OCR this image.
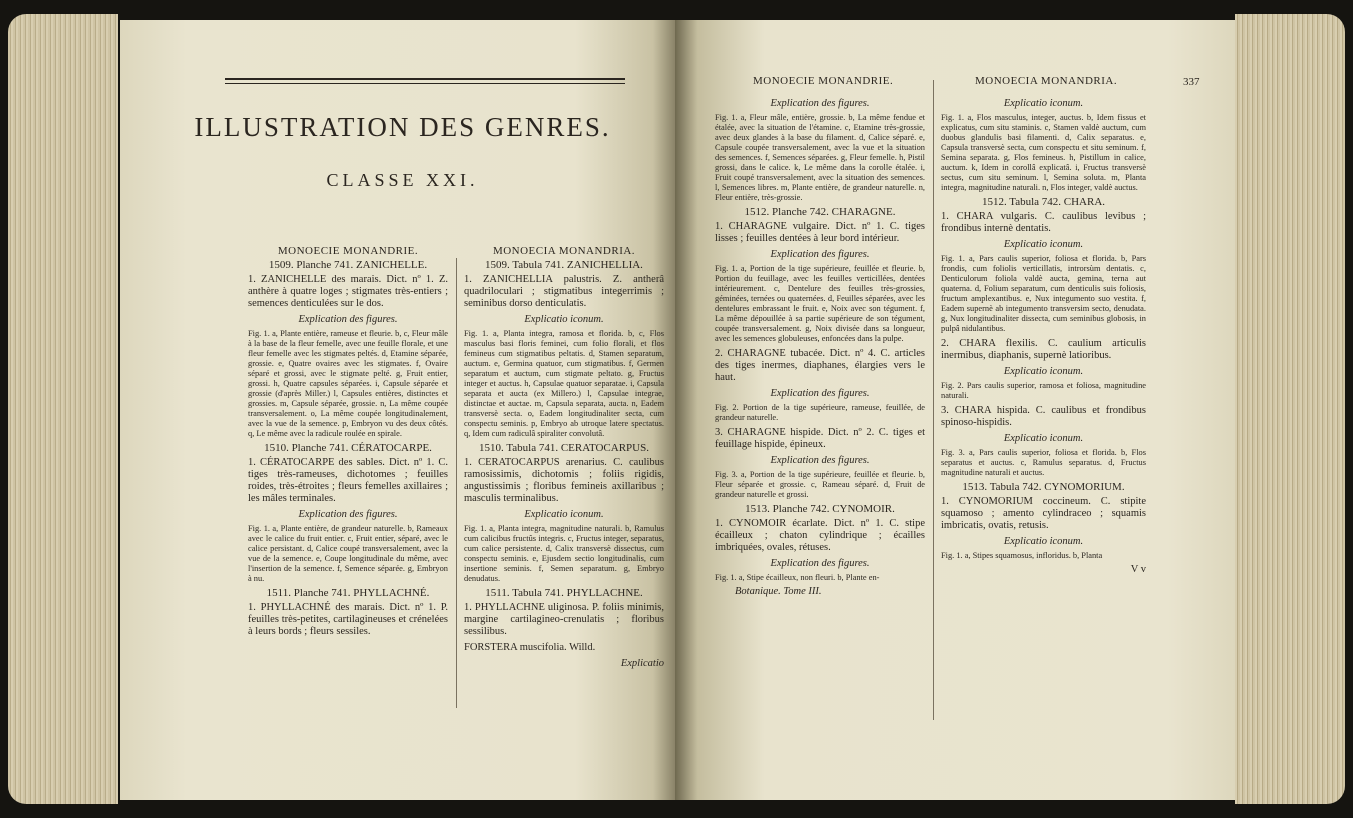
ILLUSTRATION DES GENRES.
CLASSE XXI.
MONOECIE MONANDRIE.
1509. Planche 741. ZANICHELLE.
1. ZANICHELLE des marais. Dict. nº 1. Z. anthère à quatre loges ; stigmates très-entiers ; semences denticulées sur le dos.
Explication des figures.
Fig. 1. a, Plante entière, rameuse et fleurie. b, c, Fleur mâle à la base de la fleur femelle, avec une feuille florale, et une fleur femelle avec les stigmates peltés. d, Etamine séparée, grossie. e, Quatre ovaires avec les stigmates. f, Ovaire séparé et grossi, avec le stigmate pelté. g, Fruit entier, grossi. h, Quatre capsules séparées. i, Capsule séparée et grossie (d'après Miller.) l, Capsules entières, distinctes et grossies. m, Capsule séparée, grossie. n, La même coupée transversalement. o, La même coupée longitudinalement, avec la vue de la semence. p, Embryon vu des deux côtés. q, Le même avec la radicule roulée en spirale.
1510. Planche 741. CÉRATOCARPE.
1. CÉRATOCARPE des sables. Dict. nº 1. C. tiges très-rameuses, dichotomes ; feuilles roides, très-étroites ; fleurs femelles axillaires ; les mâles terminales.
Explication des figures.
Fig. 1. a, Plante entière, de grandeur naturelle. b, Rameaux avec le calice du fruit entier. c, Fruit entier, séparé, avec le calice persistant. d, Calice coupé transversalement, avec la vue de la semence. e, Coupe longitudinale du même, avec l'insertion de la semence. f, Semence séparée. g, Embryon à nu.
1511. Planche 741. PHYLLACHNÉ.
1. PHYLLACHNÉ des marais. Dict. nº 1. P. feuilles très-petites, cartilagineuses et crénelées à leurs bords ; fleurs sessiles.
MONOECIA MONANDRIA.
1509. Tabula 741. ZANICHELLIA.
1. ZANICHELLIA palustris. Z. antherâ quadriloculari ; stigmatibus integerrimis ; seminibus dorso denticulatis.
Explicatio iconum.
Fig. 1. a, Planta integra, ramosa et florida. b, c, Flos masculus basi floris feminei, cum folio florali, et flos femineus cum stigmatibus peltatis. d, Stamen separatum, auctum. e, Germina quatuor, cum stigmatibus. f, Germen separatum et auctum, cum stigmate peltato. g, Fructus integer et auctus. h, Capsulae quatuor separatae. i, Capsula separata et aucta (ex Millero.) l, Capsulae integrae, distinctae et auctae. m, Capsula separata, aucta. n, Eadem transversè secta. o, Eadem longitudinaliter secta, cum conspectu seminis. p, Embryo ab utroque latere spectatus. q, Idem cum radiculâ spiraliter convolutâ.
1510. Tabula 741. CERATOCARPUS.
1. CERATOCARPUS arenarius. C. caulibus ramosissimis, dichotomis ; foliis rigidis, angustissimis ; floribus femineis axillaribus ; masculis terminalibus.
Explicatio iconum.
Fig. 1. a, Planta integra, magnitudine naturali. b, Ramulus cum calicibus fructûs integris. c, Fructus integer, separatus, cum calice persistente. d, Calix transversè dissectus, cum conspectu seminis. e, Ejusdem sectio longitudinalis, cum insertione seminis. f, Semen separatum. g, Embryo denudatus.
1511. Tabula 741. PHYLLACHNE.
1. PHYLLACHNE uliginosa. P. foliis minimis, margine cartilagineo-crenulatis ; floribus sessilibus.
FORSTERA muscifolia. Willd.
Explicatio
MONOECIE MONANDRIE.	MONOECIA MONANDRIA.	337
Explication des figures.
Fig. 1. a, Fleur mâle, entière, grossie. b, La même fendue et étalée, avec la situation de l'étamine. c, Etamine très-grossie, avec deux glandes à la base du filament. d, Calice séparé. e, Capsule coupée transversalement, avec la vue et la situation des semences. f, Semences séparées. g, Fleur femelle. h, Pistil grossi, dans le calice. k, Le même dans la corolle étalée. i, Fruit coupé transversalement, avec la situation des semences. l, Semences libres. m, Plante entière, de grandeur naturelle. n, Fleur entière, très-grossie.
1512. Planche 742. CHARAGNE.
1. CHARAGNE vulgaire. Dict. nº 1. C. tiges lisses ; feuilles dentées à leur bord intérieur.
Explication des figures.
Fig. 1. a, Portion de la tige supérieure, feuillée et fleurie. b, Portion du feuillage, avec les feuilles verticillées, dentées intérieurement. c, Dentelure des feuilles très-grossies, géminées, ternées ou quaternées. d, Feuilles séparées, avec les dentelures embrassant le fruit. e, Noix avec son tégument. f, La même dépouillée à sa partie supérieure de son tégument, coupée transversalement. g, Noix divisée dans sa longueur, avec les semences globuleuses, enfoncées dans la pulpe.
2. CHARAGNE tubacée. Dict. nº 4. C. articles des tiges inermes, diaphanes, élargies vers le haut.
Explication des figures.
Fig. 2. Portion de la tige supérieure, rameuse, feuillée, de grandeur naturelle.
3. CHARAGNE hispide. Dict. nº 2. C. tiges et feuillage hispide, épineux.
Explication des figures.
Fig. 3. a, Portion de la tige supérieure, feuillée et fleurie. b, Fleur séparée et grossie. c, Rameau séparé. d, Fruit de grandeur naturelle et grossi.
1513. Planche 742. CYNOMOIR.
1. CYNOMOIR écarlate. Dict. nº 1. C. stipe écailleux ; chaton cylindrique ; écailles imbriquées, ovales, rétuses.
Explication des figures.
Fig. 1. a, Stipe écailleux, non fleuri. b, Plante en-
Botanique. Tome III.
Explicatio iconum.
Fig. 1. a, Flos masculus, integer, auctus. b, Idem fissus et explicatus, cum situ staminis. c, Stamen valdè auctum, cum duobus glandulis basi filamenti. d, Calix separatus. e, Capsula transversè secta, cum conspectu et situ seminum. f, Semina separata. g, Flos femineus. h, Pistillum in calice, auctum. k, Idem in corollâ explicatâ. i, Fructus transversè sectus, cum situ seminum. l, Semina soluta. m, Planta integra, magnitudine naturali. n, Flos integer, valdè auctus.
1512. Tabula 742. CHARA.
1. CHARA vulgaris. C. caulibus levibus ; frondibus internè dentatis.
Explicatio iconum.
Fig. 1. a, Pars caulis superior, foliosa et florida. b, Pars frondis, cum foliolis verticillatis, introrsùm dentatis. c, Denticulorum foliola valdè aucta, gemina, terna aut quaterna. d, Folium separatum, cum denticulis suis foliosis, fructum amplexantibus. e, Nux integumento suo vestita. f, Eadem supernè ab integumento transversim secto, denudata. g, Nux longitudinaliter dissecta, cum seminibus globosis, in pulpâ nidulantibus.
2. CHARA flexilis. C. caulium articulis inermibus, diaphanis, supernè latioribus.
Explicatio iconum.
Fig. 2. Pars caulis superior, ramosa et foliosa, magnitudine naturali.
3. CHARA hispida. C. caulibus et frondibus spinoso-hispidis.
Explicatio iconum.
Fig. 3. a, Pars caulis superior, foliosa et florida. b, Flos separatus et auctus. c, Ramulus separatus. d, Fructus magnitudine naturali et auctus.
1513. Tabula 742. CYNOMORIUM.
1. CYNOMORIUM coccineum. C. stipite squamoso ; amento cylindraceo ; squamis imbricatis, ovatis, retusis.
Explicatio iconum.
Fig. 1. a, Stipes squamosus, infloridus. b, Planta
V v
